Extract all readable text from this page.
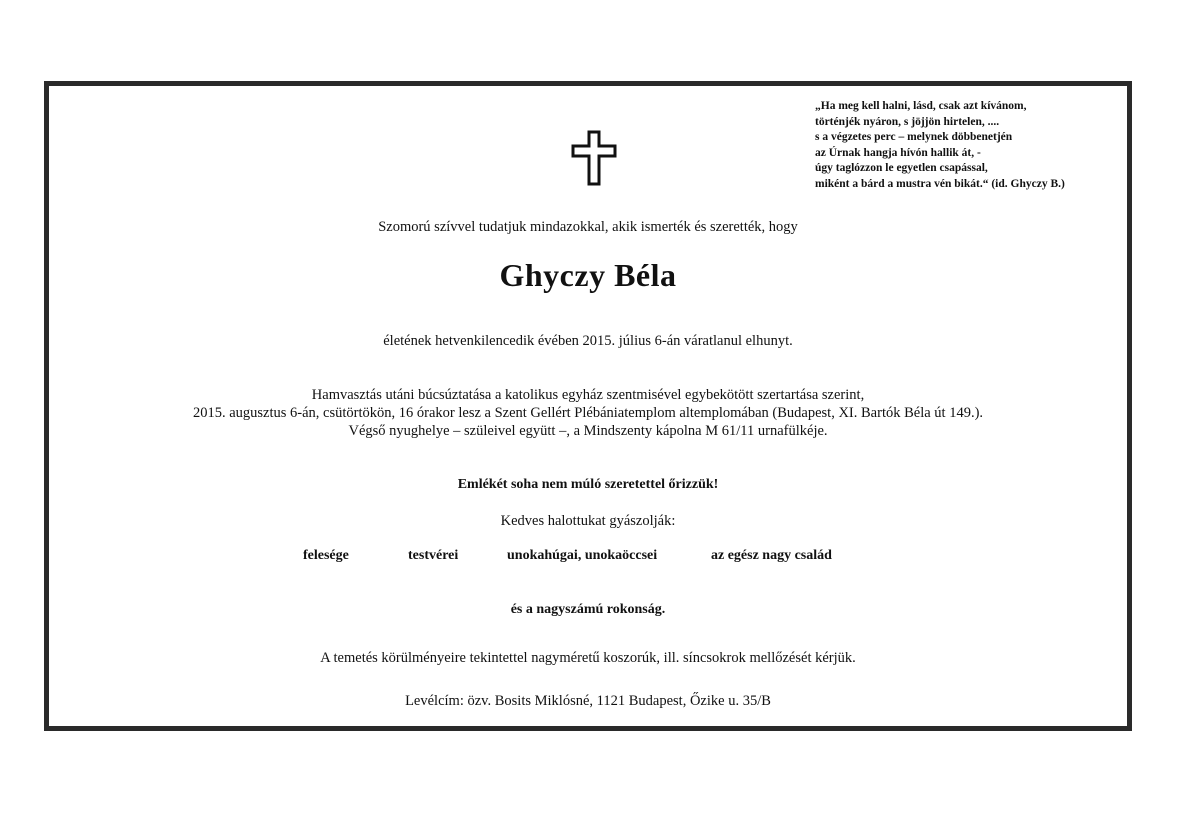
„Ha meg kell halni, lásd, csak azt kívánom,
történjék nyáron, s jöjjön hirtelen, ....
s a végzetes perc – melynek döbbenetjén
az Úrnak hangja hívón hallik át, -
úgy taglózzon le egyetlen csapással,
miként a bárd a mustra vén bikát.“ (id. Ghyczy B.)
Szomorú szívvel tudatjuk mindazokkal, akik ismerték és szerették, hogy
Ghyczy Béla
életének hetvenkilencedik évében 2015. július 6-án váratlanul elhunyt.
Hamvasztás utáni búcsúztatása a katolikus egyház szentmisével egybekötött szertartása szerint,
2015. augusztus 6-án, csütörtökön, 16 órakor lesz a Szent Gellért Plébániatemplom altemplomában (Budapest, XI. Bartók Béla út 149.).
Végső nyughelye – szüleivel együtt –, a Mindszenty kápolna M 61/11 urnafülkéje.
Emlékét soha nem múló szeretettel őrizzük!
Kedves halottukat gyászolják:
felesége	testvérei	unokahúgai, unokaöccsei	az egész nagy család
és a nagyszámú rokonság.
A temetés körülményeire tekintettel nagyméretű koszorúk, ill. síncsokrok mellőzését kérjük.
Levélcím: özv. Bosits Miklósné, 1121 Budapest, Őzike u. 35/B
